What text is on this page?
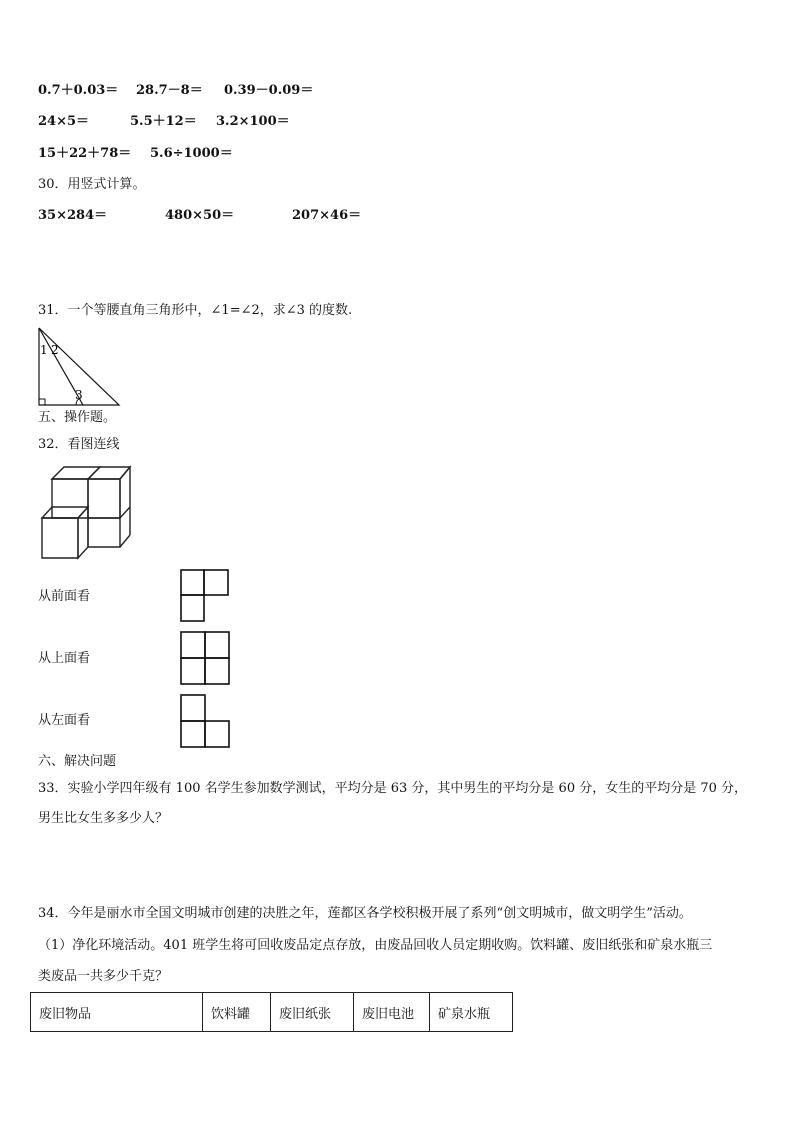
0.7＋0.03＝ 28.7－8＝ 0.39－0.09＝
24×5＝	5.5＋12＝ 3.2×100＝
15＋22＋78＝ 5.6÷1000＝
30．用竖式计算。
35×284＝	480×50＝	207×46＝
31．一个等腰直角三角形中，∠1=∠2，求∠3 的度数.
1 2
3
五、操作题。
32．看图连线
从前面看
从上面看
从左面看
六、解决问题
33．实验小学四年级有 100 名学生参加数学测试，平均分是 63 分，其中男生的平均分是 60 分，女生的平均分是 70 分，
男生比女生多多少人？
34．今年是丽水市全国文明城市创建的决胜之年，莲都区各学校积极开展了系列“创文明城市，做文明学生”活动。
（1）净化环境活动。401 班学生将可回收废品定点存放，由废品回收人员定期收购。饮料罐、废旧纸张和矿泉水瓶三
类废品一共多少千克？
废旧物品	饮料罐	废旧纸张	废旧电池	矿泉水瓶
